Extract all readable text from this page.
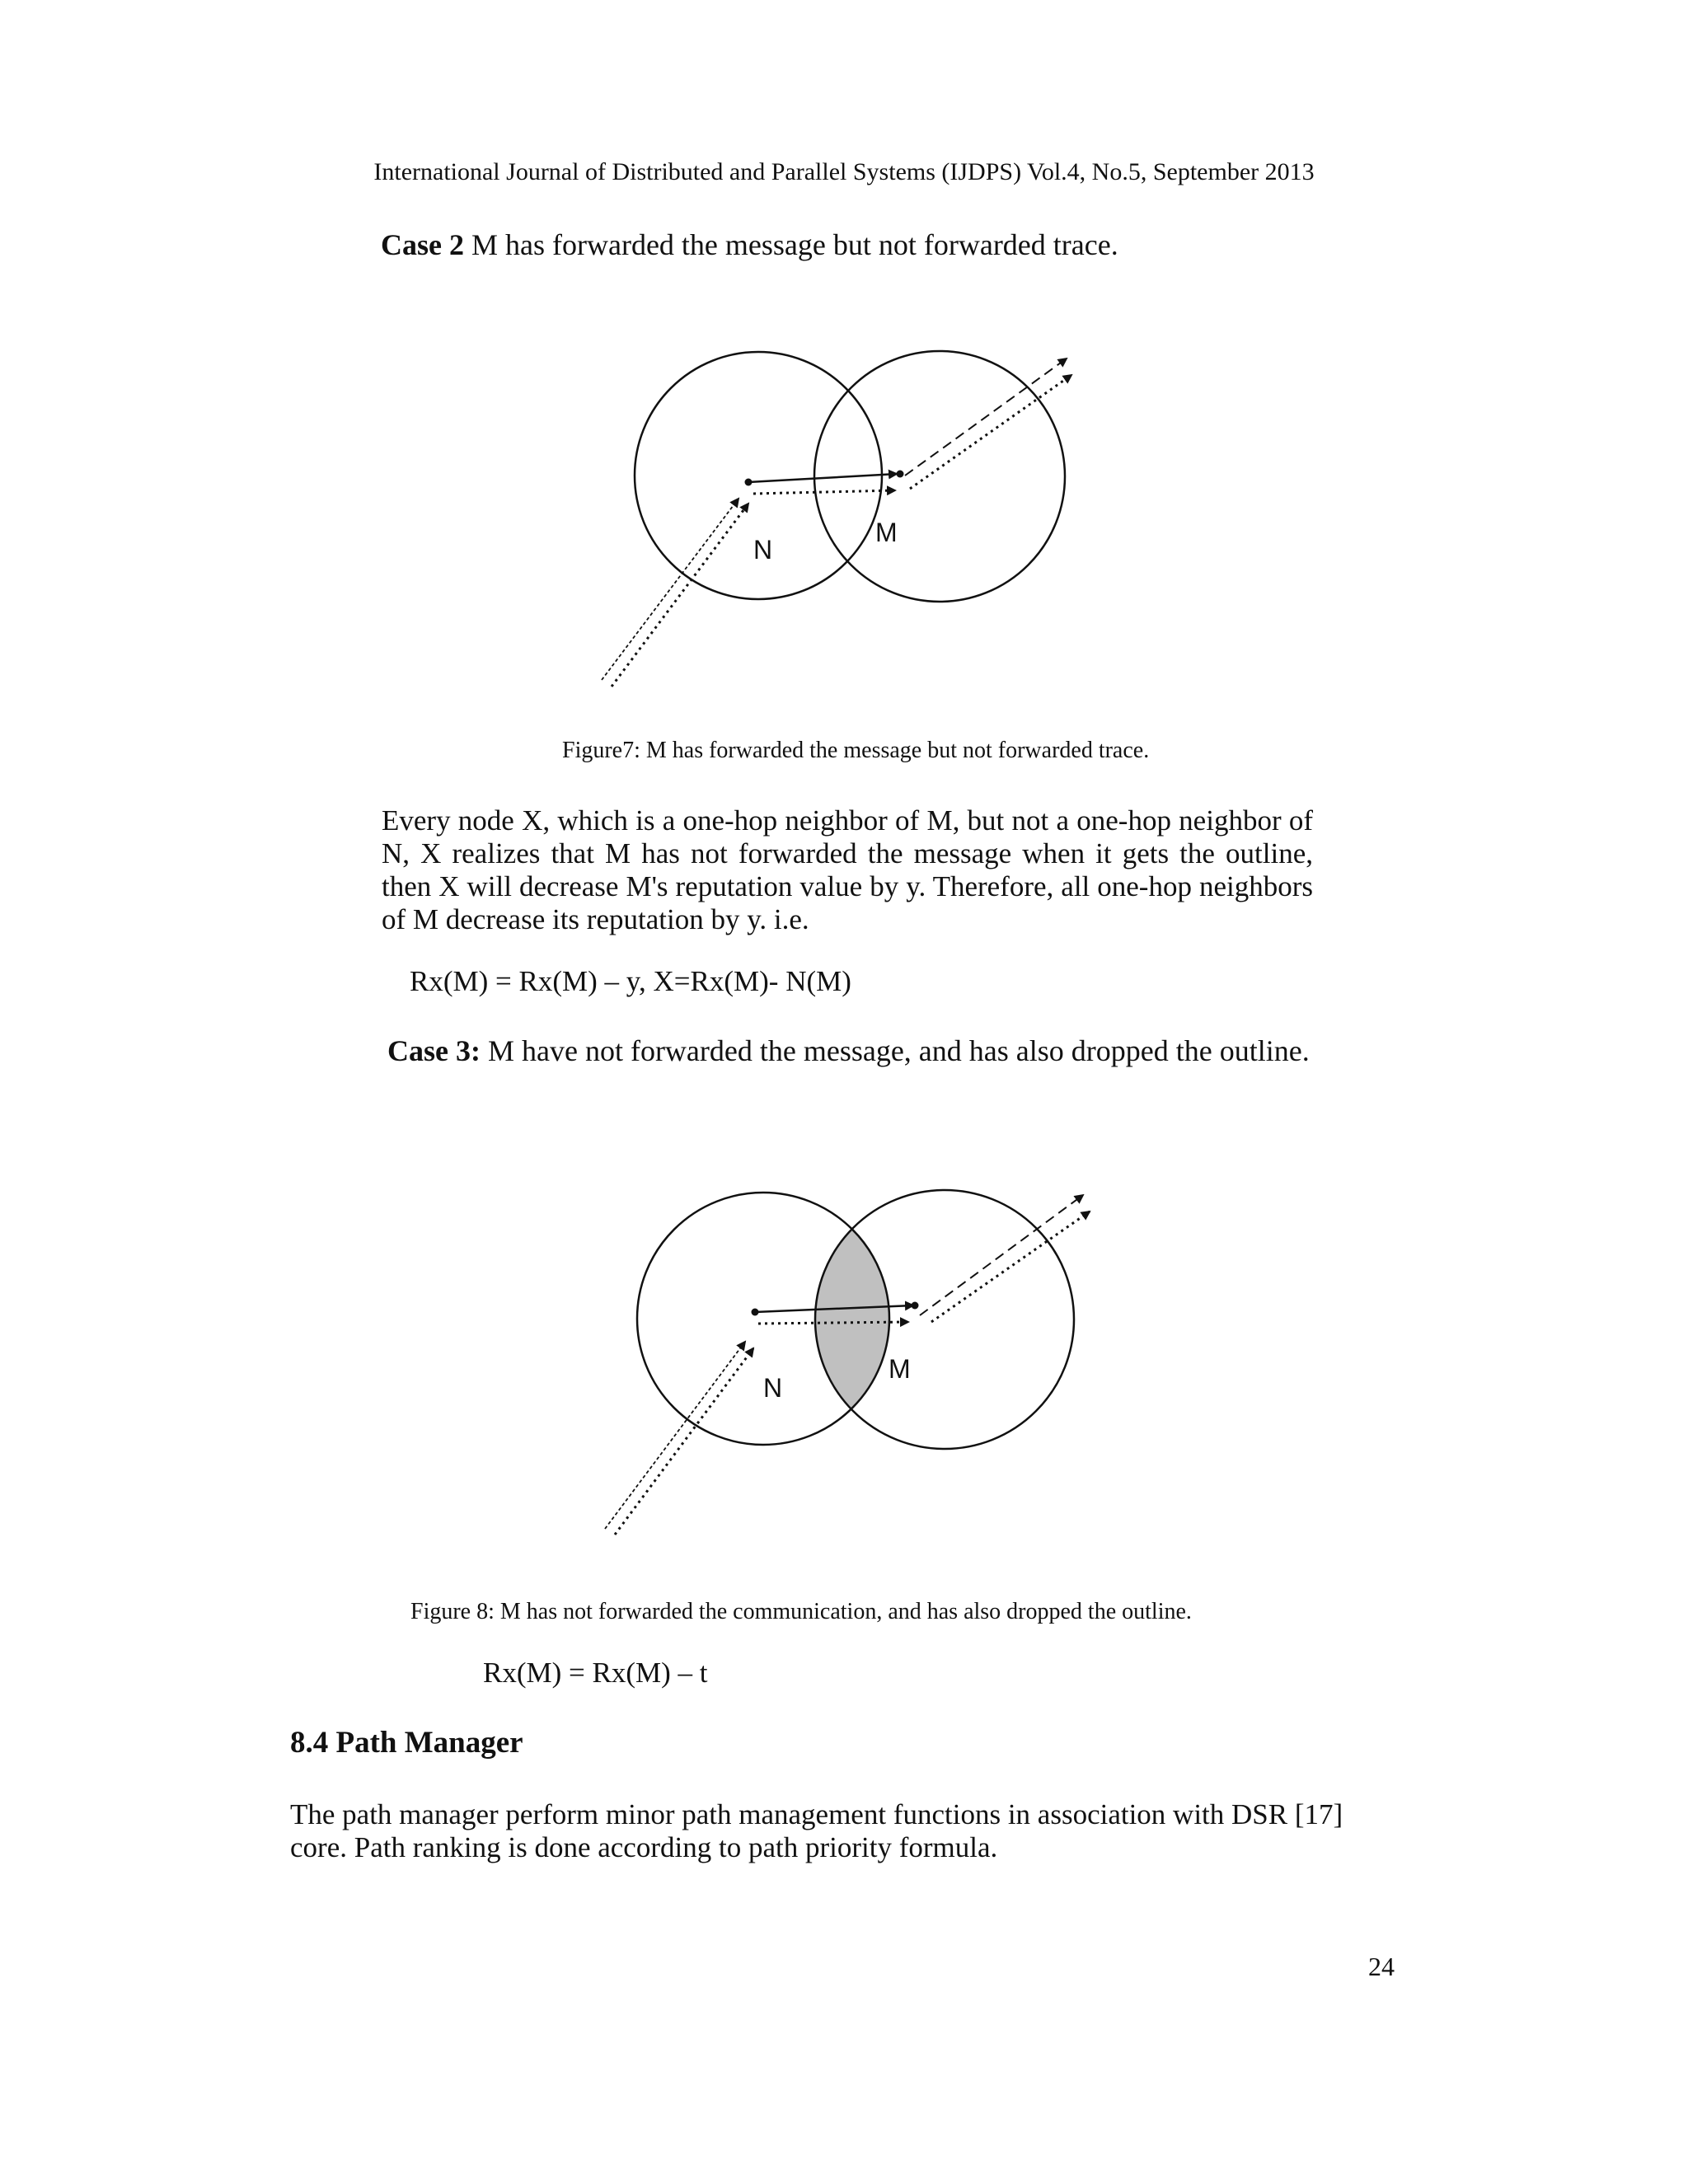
International Journal of Distributed and Parallel Systems (IJDPS) Vol.4, No.5, September 2013
Case 2 M has forwarded the message but not forwarded trace.
N
M
Figure7: M has forwarded the message but not forwarded trace.
Every node X, which is a one-hop neighbor of M, but not a one-hop neighbor of N, X realizes that M has not forwarded the message when it gets the outline, then X will decrease M's reputation value by y. Therefore, all one-hop neighbors of M decrease its reputation by y. i.e.
Rx(M) = Rx(M) – y, X=Rx(M)- N(M)
Case 3: M have not forwarded the message, and has also dropped the outline.
N
M
Figure 8: M has not forwarded the communication, and has also dropped the outline.
Rx(M) = Rx(M) – t
8.4 Path Manager
The path manager perform minor path management functions in association with DSR [17] core. Path ranking is done according to path priority formula.
24
